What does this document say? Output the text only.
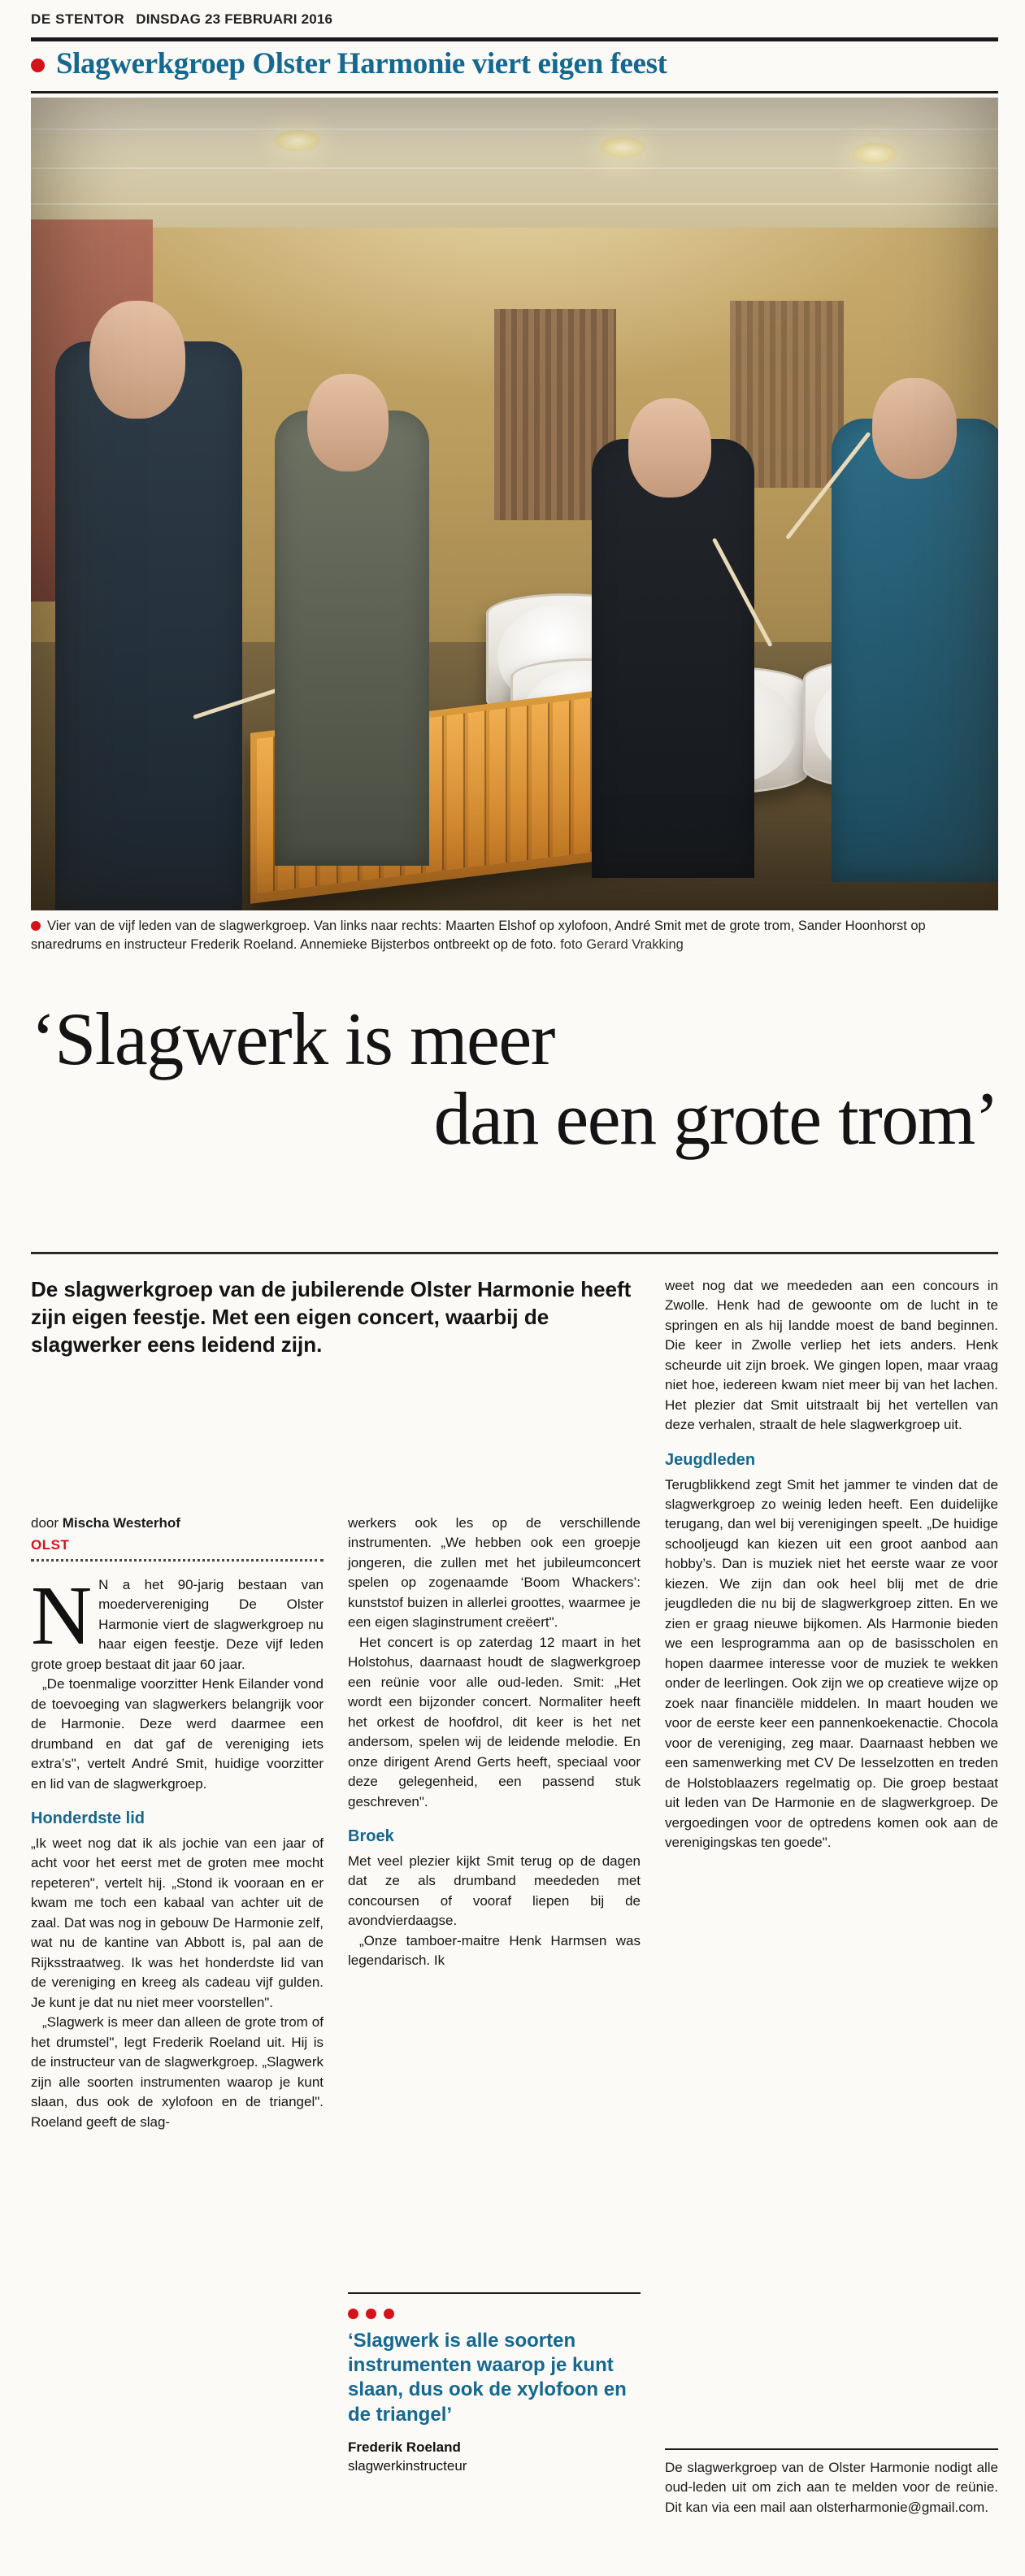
DE STENTOR DINSDAG 23 FEBRUARI 2016
Slagwerkgroep Olster Harmonie viert eigen feest
Vier van de vijf leden van de slagwerkgroep. Van links naar rechts: Maarten Elshof op xylofoon, André Smit met de grote trom, Sander Hoonhorst op snaredrums en instructeur Frederik Roeland. Annemieke Bijsterbos ontbreekt op de foto. foto Gerard Vrakking
‘Slagwerk is meer
dan een grote trom’
De slagwerkgroep van de jubilerende Olster Harmonie heeft zijn eigen feestje. Met een eigen concert, waarbij de slagwerker eens leidend zijn.
door Mischa Westerhof
OLST

N N a het 90-jarig bestaan van moedervereniging De Olster Harmonie viert de slagwerkgroep nu haar eigen feestje. Deze vijf leden grote groep bestaat dit jaar 60 jaar.

„De toenmalige voorzitter Henk Eilander vond de toevoeging van slagwerkers belangrijk voor de Harmonie. Deze werd daarmee een drumband en dat gaf de vereniging iets extra’s", vertelt André Smit, huidige voorzitter en lid van de slagwerkgroep.

Honderdste lid

„Ik weet nog dat ik als jochie van een jaar of acht voor het eerst met de groten mee mocht repeteren", vertelt hij. „Stond ik vooraan en er kwam me toch een kabaal van achter uit de zaal. Dat was nog in gebouw De Harmonie zelf, wat nu de kantine van Abbott is, pal aan de Rijksstraatweg. Ik was het honderdste lid van de vereniging en kreeg als cadeau vijf gulden. Je kunt je dat nu niet meer voorstellen".

„Slagwerk is meer dan alleen de grote trom of het drumstel", legt Frederik Roeland uit. Hij is de instructeur van de slagwerkgroep. „Slagwerk zijn alle soorten instrumenten waarop je kunt slaan, dus ook de xylofoon en de triangel". Roeland geeft de slag-

werkers ook les op de verschillende instrumenten. „We hebben ook een groepje jongeren, die zullen met het jubileumconcert spelen op zogenaamde ‘Boom Whackers’: kunststof buizen in allerlei groottes, waarmee je een eigen slaginstrument creëert".

Het concert is op zaterdag 12 maart in het Holstohus, daarnaast houdt de slagwerkgroep een reünie voor alle oud-leden. Smit: „Het wordt een bijzonder concert. Normaliter heeft het orkest de hoofdrol, dit keer is het net andersom, spelen wij de leidende melodie. En onze dirigent Arend Gerts heeft, speciaal voor deze gelegenheid, een passend stuk geschreven".

Broek

Met veel plezier kijkt Smit terug op de dagen dat ze als drumband meededen met concoursen of vooraf liepen bij de avondvierdaagse.

„Onze tamboer-maitre Henk Harmsen was legendarisch. Ik

weet nog dat we meededen aan een concours in Zwolle. Henk had de gewoonte om de lucht in te springen en als hij landde moest de band beginnen. Die keer in Zwolle verliep het iets anders. Henk scheurde uit zijn broek. We gingen lopen, maar vraag niet hoe, iedereen kwam niet meer bij van het lachen. Het plezier dat Smit uitstraalt bij het vertellen van deze verhalen, straalt de hele slagwerkgroep uit.

Jeugdleden

Terugblikkend zegt Smit het jammer te vinden dat de slagwerkgroep zo weinig leden heeft. Een duidelijke terugang, dan wel bij verenigingen speelt. „De huidige schooljeugd kan kiezen uit een groot aanbod aan hobby’s. Dan is muziek niet het eerste waar ze voor kiezen. We zijn dan ook heel blij met de drie jeugdleden die nu bij de slagwerkgroep zitten. En we zien er graag nieuwe bijkomen. Als Harmonie bieden we een lesprogramma aan op de basisscholen en hopen daarmee interesse voor de muziek te wekken onder de leerlingen. Ook zijn we op creatieve wijze op zoek naar financiële middelen. In maart houden we voor de eerste keer een pannenkoekenactie. Chocola voor de vereniging, zeg maar. Daarnaast hebben we een samenwerking met CV De Iesselzotten en treden de Holstoblaazers regelmatig op. Die groep bestaat uit leden van De Harmonie en de slagwerkgroep. De vergoedingen voor de optredens komen ook aan de verenigingskas ten goede".

‘Slagwerk is alle soorten instrumenten waarop je kunt slaan, dus ook de xylofoon en de triangel’
Frederik Roeland
slagwerkinstructeur	De slagwerkgroep van de Olster Harmonie nodigt alle oud-leden uit om zich aan te melden voor de reünie. Dit kan via een mail aan olsterharmonie@gmail.com.
